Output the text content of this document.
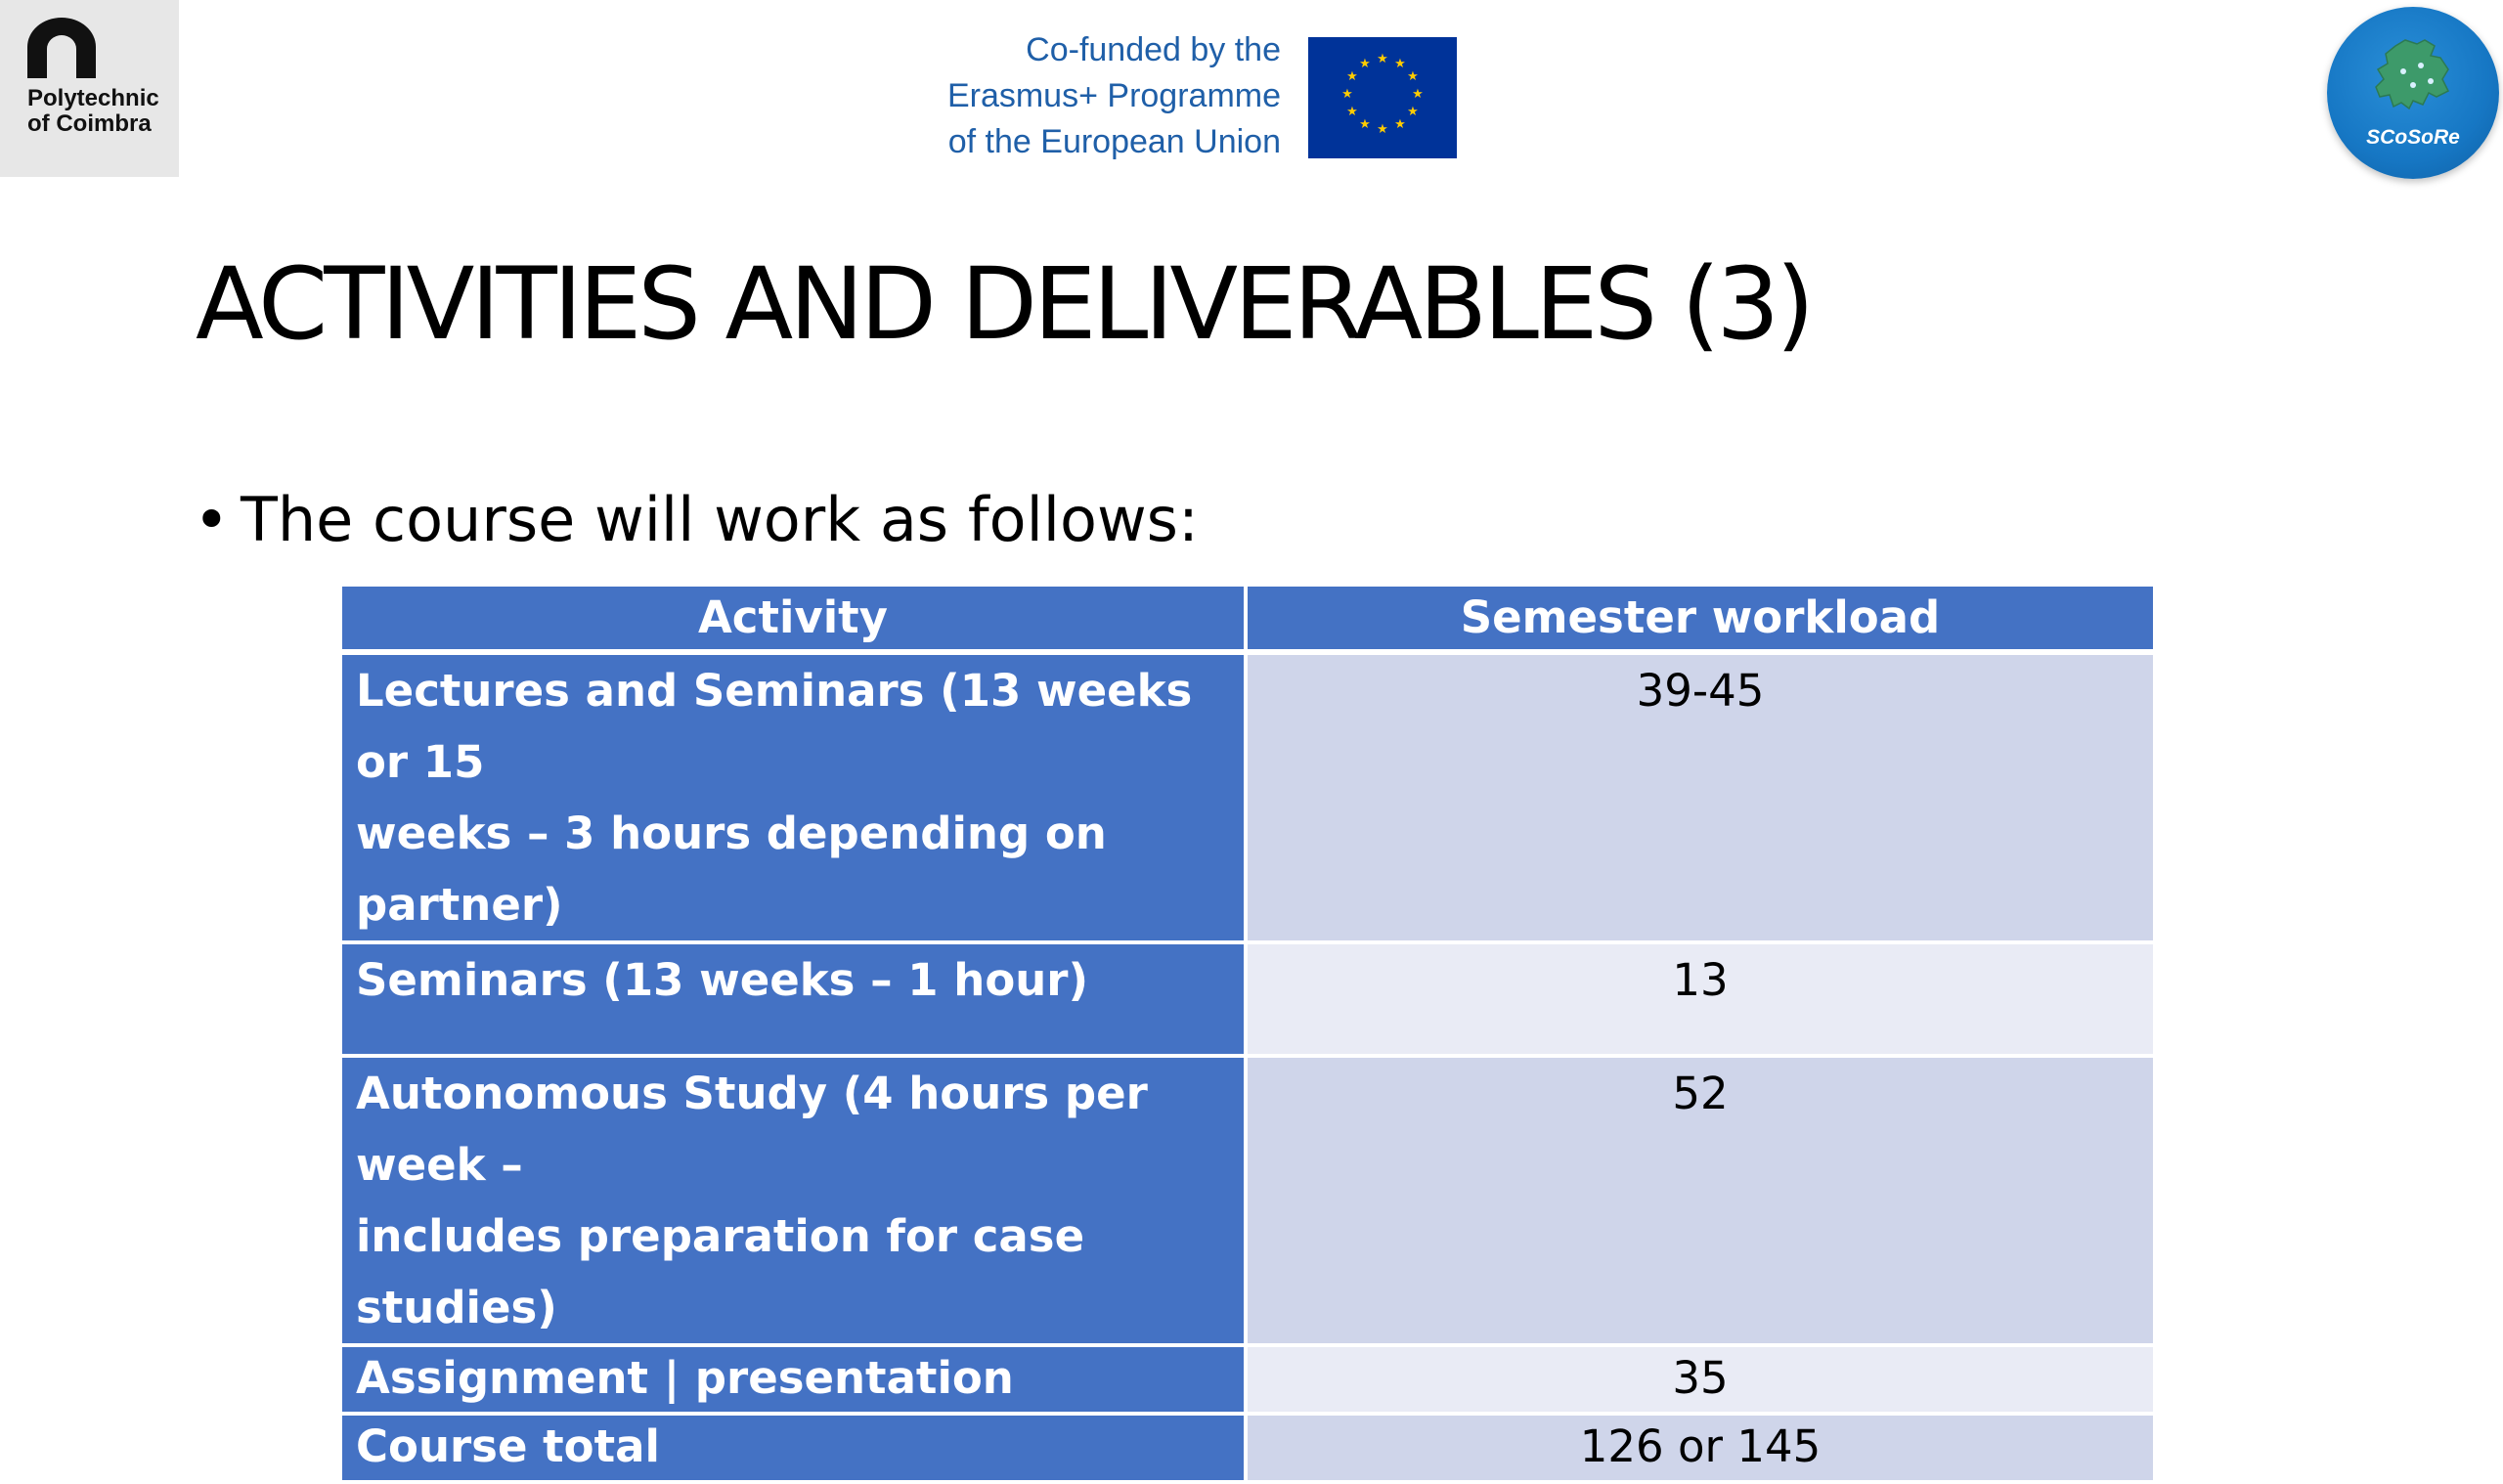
Polytechnic
of Coimbra
Co-funded by the
Erasmus+ Programme
of the European Union
★ ★
★
★
★
★
★
★
★
★
★
★
SCoSoRe
ACTIVITIES AND DELIVERABLES (3)
• The course will work as follows:
Activity	Semester workload

Lectures and Seminars (13 weeks or 15
weeks – 3 hours depending on partner)	39-45

Seminars (13 weeks – 1 hour)	13

Autonomous Study (4 hours per week –
includes preparation for case studies)	52

Assignment | presentation	35

Course total	126 or 145
